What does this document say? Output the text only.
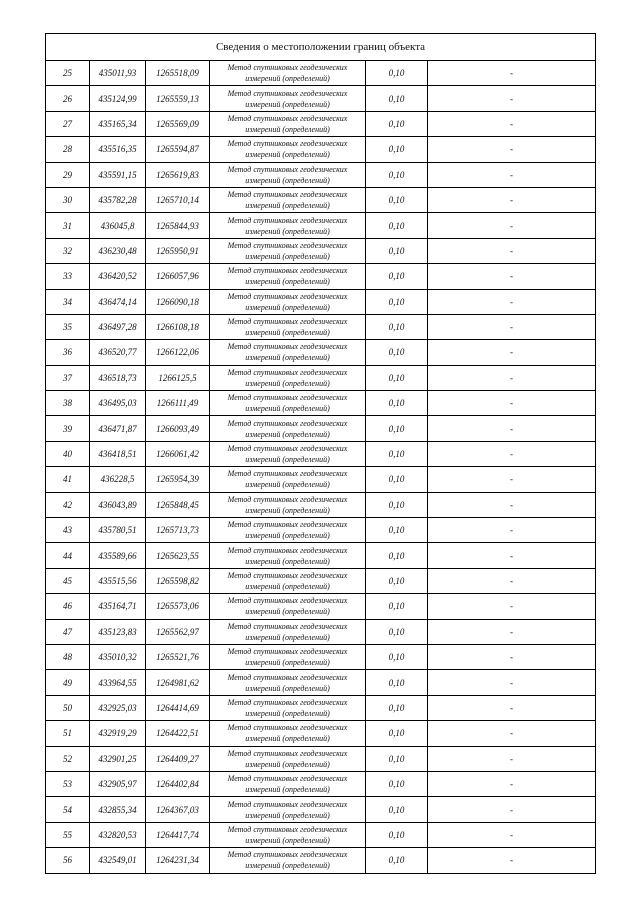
Сведения о местоположении границ объекта					
25	435011,93	1265518,09	Метод спутниковых геодезических измерений (определений)	0,10	-
26	435124,99	1265559,13	Метод спутниковых геодезических измерений (определений)	0,10	-
27	435165,34	1265569,09	Метод спутниковых геодезических измерений (определений)	0,10	-
28	435516,35	1265594,87	Метод спутниковых геодезических измерений (определений)	0,10	-
29	435591,15	1265619,83	Метод спутниковых геодезических измерений (определений)	0,10	-
30	435782,28	1265710,14	Метод спутниковых геодезических измерений (определений)	0,10	-
31	436045,8	1265844,93	Метод спутниковых геодезических измерений (определений)	0,10	-
32	436230,48	1265950,91	Метод спутниковых геодезических измерений (определений)	0,10	-
33	436420,52	1266057,96	Метод спутниковых геодезических измерений (определений)	0,10	-
34	436474,14	1266090,18	Метод спутниковых геодезических измерений (определений)	0,10	-
35	436497,28	1266108,18	Метод спутниковых геодезических измерений (определений)	0,10	-
36	436520,77	1266122,06	Метод спутниковых геодезических измерений (определений)	0,10	-
37	436518,73	1266125,5	Метод спутниковых геодезических измерений (определений)	0,10	-
38	436495,03	1266111,49	Метод спутниковых геодезических измерений (определений)	0,10	-
39	436471,87	1266093,49	Метод спутниковых геодезических измерений (определений)	0,10	-
40	436418,51	1266061,42	Метод спутниковых геодезических измерений (определений)	0,10	-
41	436228,5	1265954,39	Метод спутниковых геодезических измерений (определений)	0,10	-
42	436043,89	1265848,45	Метод спутниковых геодезических измерений (определений)	0,10	-
43	435780,51	1265713,73	Метод спутниковых геодезических измерений (определений)	0,10	-
44	435589,66	1265623,55	Метод спутниковых геодезических измерений (определений)	0,10	-
45	435515,56	1265598,82	Метод спутниковых геодезических измерений (определений)	0,10	-
46	435164,71	1265573,06	Метод спутниковых геодезических измерений (определений)	0,10	-
47	435123,83	1265562,97	Метод спутниковых геодезических измерений (определений)	0,10	-
48	435010,32	1265521,76	Метод спутниковых геодезических измерений (определений)	0,10	-
49	433964,55	1264981,62	Метод спутниковых геодезических измерений (определений)	0,10	-
50	432925,03	1264414,69	Метод спутниковых геодезических измерений (определений)	0,10	-
51	432919,29	1264422,51	Метод спутниковых геодезических измерений (определений)	0,10	-
52	432901,25	1264409,27	Метод спутниковых геодезических измерений (определений)	0,10	-
53	432905,97	1264402,84	Метод спутниковых геодезических измерений (определений)	0,10	-
54	432855,34	1264367,03	Метод спутниковых геодезических измерений (определений)	0,10	-
55	432820,53	1264417,74	Метод спутниковых геодезических измерений (определений)	0,10	-
56	432549,01	1264231,34	Метод спутниковых геодезических измерений (определений)	0,10	-
